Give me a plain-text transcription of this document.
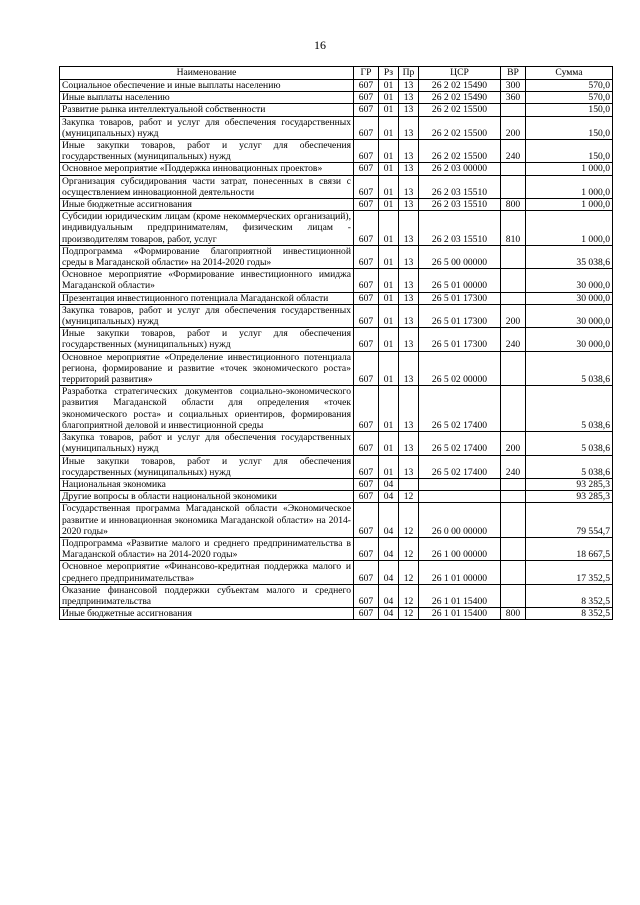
16
Наименование	ГР	Рз	Пр	ЦСР	ВР	Сумма
Социальное обеспечение и иные выплаты населению	607	01	13	26 2 02 15490	300	570,0
Иные выплаты населению	607	01	13	26 2 02 15490	360	570,0
Развитие рынка интеллектуальной собственности	607	01	13	26 2 02 15500		150,0
Закупка товаров, работ и услуг для обеспечения государственных (муниципальных) нужд	607	01	13	26 2 02 15500	200	150,0
Иные закупки товаров, работ и услуг для обеспечения государственных (муниципальных) нужд	607	01	13	26 2 02 15500	240	150,0
Основное мероприятие «Поддержка инновационных проектов»	607	01	13	26 2 03 00000		1 000,0
Организация субсидирования части затрат, понесенных в связи с осуществлением инновационной деятельности	607	01	13	26 2 03 15510		1 000,0
Иные бюджетные ассигнования	607	01	13	26 2 03 15510	800	1 000,0
Субсидии юридическим лицам (кроме некоммерческих организаций), индивидуальным предпринимателям, физическим лицам - производителям товаров, работ, услуг	607	01	13	26 2 03 15510	810	1 000,0
Подпрограмма «Формирование благоприятной инвестиционной среды в Магаданской области» на 2014-2020 годы»	607	01	13	26 5 00 00000		35 038,6
Основное мероприятие «Формирование инвестиционного имиджа Магаданской области»	607	01	13	26 5 01 00000		30 000,0
Презентация инвестиционного потенциала Магаданской области	607	01	13	26 5 01 17300		30 000,0
Закупка товаров, работ и услуг для обеспечения государственных (муниципальных) нужд	607	01	13	26 5 01 17300	200	30 000,0
Иные закупки товаров, работ и услуг для обеспечения государственных (муниципальных) нужд	607	01	13	26 5 01 17300	240	30 000,0
Основное мероприятие «Определение инвестиционного потенциала региона, формирование и развитие «точек экономического роста» территорий развития»	607	01	13	26 5 02 00000		5 038,6
Разработка стратегических документов социально-экономического развития Магаданской области для определения «точек экономического роста» и социальных ориентиров, формирования благоприятной деловой и инвестиционной среды	607	01	13	26 5 02 17400		5 038,6
Закупка товаров, работ и услуг для обеспечения государственных (муниципальных) нужд	607	01	13	26 5 02 17400	200	5 038,6
Иные закупки товаров, работ и услуг для обеспечения государственных (муниципальных) нужд	607	01	13	26 5 02 17400	240	5 038,6
Национальная экономика	607	04				93 285,3
Другие вопросы в области национальной экономики	607	04	12			93 285,3
Государственная программа Магаданской области «Экономическое развитие и инновационная экономика Магаданской области» на 2014-2020 годы»	607	04	12	26 0 00 00000		79 554,7
Подпрограмма «Развитие малого и среднего предпринимательства в Магаданской области» на 2014-2020 годы»	607	04	12	26 1 00 00000		18 667,5
Основное мероприятие «Финансово-кредитная поддержка малого и среднего предпринимательства»	607	04	12	26 1 01 00000		17 352,5
Оказание финансовой поддержки субъектам малого и среднего предпринимательства	607	04	12	26 1 01 15400		8 352,5
Иные бюджетные ассигнования	607	04	12	26 1 01 15400	800	8 352,5
